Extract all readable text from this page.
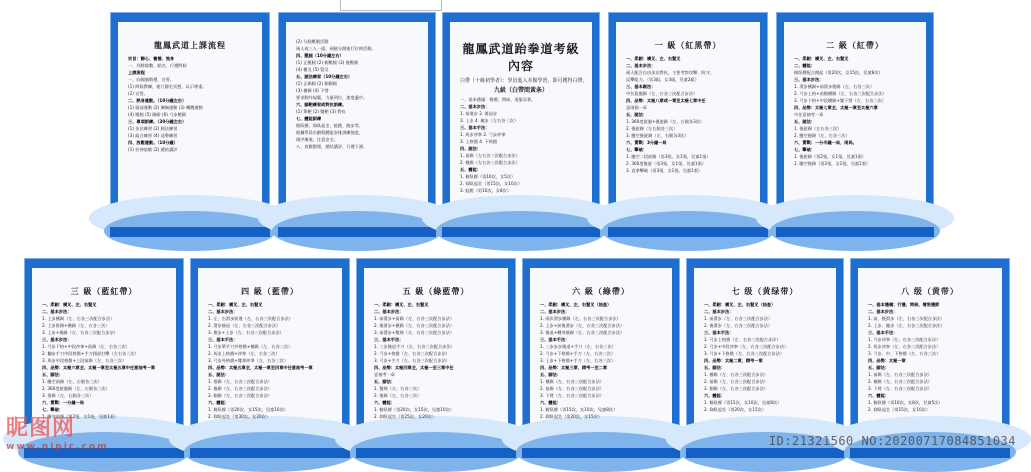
龍鳳武道上課流程
宗旨：靜心、養德、強身
一、列隊報數、點名、行禮問候
上課流程
一、向國旗敬禮、宣誓。
(1) 問候教練，進行靜坐冥想，以示尊重。
(2) 宣誓。
二、熱身運動。（10分鐘左右）
(1) 頭部運動 (2) 擴胸運動 (3) 轉體運動
(4) 壓腿 (5) 踢腿 (6) 弓步壓腿
三、專項訓練。（30分鐘左右）
(1) 步法練習 (2) 腿法練習
(3) 組合練習 (4) 品勢練習
四、放鬆運動。（10分鐘）
(1) 拉伸放鬆 (2) 總結講評
(2) 分腿壓腿活動
兩人或三人一組，兩腿分開進行拉伸活動。
四、壓腿（10分鐘左右）
(1) 正壓腿 (2) 側壓腿 (3) 後壓腿
(4) 橫叉 (5) 豎叉
五、腿法練習（10分鐘左右）
(1) 正踢腿 (2) 側踢腿
(3) 橫踢 (4) 下劈
要求動作規範，力量到位，速度適中。
六、腳靶練習或對抗訓練。
(1) 單靶 (2) 雙靶 (3) 對抗
七、體能訓練
俯臥撐、仰臥起坐、蛙跳、跑步等。
根據學員年齡與體能安排訓練強度，
循序漸進，注意安全。
八、放鬆整理，總結講評，行禮下課。
龍鳳武道跆拳道考級內容
白帶（十級初學者）：學員進入本館學習，即可獲得白帶。
九級（白帶間黃条）
一、基本禮儀：敬禮、問候、道服穿著。
二、基本步法：
1. 前進步 2. 後退步
3. 上步 4. 撤步（左右各三次）
三、基本手法：
1. 馬步沖拳 2. 弓步沖拳
3. 上格擋 4. 下格擋
四、腿法：
1. 前踢（左右各三次配合步法）
2. 橫踢（左右各三次配合步法）
五、體能：
1. 俯臥撐（男10次，女5次）
2. 仰臥起坐（男15次，女10次）
3. 蛙跳（男10次，女8次）
一 級（紅黑帶）
一、柔韌：橫叉、左、右豎叉
二、基本步法：
兩人配合自由步法對抗，主要考察攻擊、防守、
反擊能力。（男3組，女3組，兒童2組）
三、基本踢法：
中位旋風踢（左、右各三次配合步法）
四、品勢：太極八章或一章至太極七章中任
意兩個一章
五、腿法：
1. 360度旋風+後旋踢（左、右腿各3次）
2. 後旋踢（左右腿各三次）
3. 騰空後旋踢（左、右腿各3次）
六、實戰：3分鐘一局
七、擊破：
1. 騰空二段前踢（男3張，女1張，兒童1張）
2. 360度後旋（男3張，女1張，兒童1張）
3. 直拳擊破（男3張，女1張，兒童1張）
二 級（紅帶）
一、柔韌：橫叉、左、右豎叉
二、體能：
俯臥撐配合跳起（男20次，女15次，兒童8次）
三、基本步法：
1. 滑步橫踢+前滑步後踢（左、右各三次）
2. 弓步上格+前腿橫踢（左、右各三次配合步法）
3. 弓步下格+中段橫踢+雙下劈（左、右各三次）
四、品勢：太極七章全，太極一章至太極六章
中任意抽考一章
五、腿法：
1. 後旋踢（左右各三次）
2. 騰空後踢（左、右各三次）
六、實戰：一分半鐘一局，兩局。
七、擊破：
1. 後旋踢（男2張，女1張，兒童1張）
2. 騰空後踢（男2張，女1張，兒童1張）
三 級（藍紅帶）
一、柔韌：橫叉、左、右豎叉
二、基本步法：
1. 上步橫踢（左、右各三次配合步法）
2. 上步推踢+橫踢（左、右各三次）
3. 上步+後踢（左、右各三次配合步法）
三、基本步法：
1. 弓步下格+中段沖拳+前踢（左、右各三次）
2. 攔步手刀中段格擋+手刀頸部打擊（左右各三次）
3. 馬步中段格擋+上段前踢（左、右各三次）
四、品勢：太極六章全，太極一章至太極五章中任意抽考一章
五、腳法：
1. 騰空前踢（左、右腿各三次）
2. 360度旋風踢（左、右腿各三次）
3. 推踢（左、右腿各三次）
六、實戰：一分鐘一局
七、擊破：
1. 騰空前踢（男2張，女1張，兒童1張）
四 級（藍帶）
一、柔韌：橫叉、左、右豎叉
二、基本步法：
1. 左、右滑步前進（左、右各三次配合步法）
2. 滑步後退（左、右各三次配合步法）
3. 換步+上步（左、右各三次配合步法）
三、基本手法：
1. 弓步單手刀外格擋+橫踢（左、右各三次）
2. 馬步上格擋+沖拳（左、右各三次）
3. 弓步外格擋+雙拳沖拳（左、右各三次）
四、品勢：太極五章全，太極一章至四章中任意抽考一章
五、腿法：
1. 推踢（左、右各三次配合步法）
2. 後踢（左、右各三次配合步法）
3. 側踢（左、右各三次配合步法）
六、體能：
1. 俯臥撐（男20次，女15次，兒童10次）
2. 仰臥起坐（男30次，女20次）
五 級（綠藍帶）
一、柔韌：橫叉、左、右豎叉
二、基本步法：
1. 前滑步+前踢（左、右各三次配合步法）
2. 後滑步+橫踢（左、右各三次配合步法）
3. 前滑步+雙飛（左、右各三次配合步法）
三、基本手法：
1. 三步後退手刀（左、右各三次配合步法）
2. 弓步+格擋（左、右各三次配合步法）
3. 弓步+手刀（左、右各三次配合步法）
四、品勢：太極四章全，太極一至三章中任
意抽考一章
五、腳法：
1. 雙飛（左、右各三次）
2. 後踢（左、右各三次）
六、體能：
1. 俯臥撐（男20次，女15次，兒童10次）
2. 仰臥起坐（男25次，女20次）
六 級（綠帶）
一、柔韌：橫叉、左、右豎叉（抽查）
二、基本步法：
1. 兩次滑步橫踢（左、右各三次配合步法）
2. 上步+前後滑步（左、右各三次配合步法）
3. 後退+轉身後踢（左、右各三次配合步法）
三、基本手法：
1. 三步步步後退+手刀（左、右各三次）
2. 弓步+下格擋+手刀（左、右各三次）
3. 上步+下格擋+手刀（左、右各三次）
四、品勢：太極三章，精考一至二章
五、腳法：
1. 橫踢（左、右各三次配合步法）
2. 前踢（左、右各三次配合步法）
3. 下劈（左、右各三次配合步法）
六、體能：
1. 俯臥撐（男15次，女10次，兒童8次）
2. 仰臥起坐（男20次，女15次）
七 级（黄绿带）
一、柔韌：橫叉、左、右豎叉（抽查）
二、基本步法：
1. 前滑步（左、右各三次配合步法）
2. 後滑步（左、右各三次配合步法）
三、基本手法：
1. 弓步上格擋（左、右各三次配合步法）
2. 弓步+中段沖拳（左、右各三次配合步法）
3. 弓步+下格擋（左、右各三次配合步法）
四、品勢：太極二章，精考一章
五、腳法：
1. 橫踢（左、右各三次配合步法）
2. 前踢（左、右各三次配合步法）
3. 側踢（左、右各三次配合步法）
六、體能：
1. 俯臥撐（男15次，女10次，兒童8次）
2. 仰臥起坐（男20次，女15次）
八 级（黄带）
一、基本禮儀：行禮、問候、着裝禮節
二、基本步法：
1. 前、後滑步（左、右各三次配合步法）
2. 上步、撤步（左、右各三次配合步法）
三、基本手法：
1. 弓步沖拳（左、右各三次配合步法）
2. 馬步沖拳（左、右各三次配合步法）
3. 弓步、中、下格擋（左、右各三次）
四、品勢：太極一章
五、腳法：
1. 前踢（左、右各三次配合步法）
2. 橫踢（左、右各三次配合步法）
3. 下劈（左、右各三次配合步法）
六、體能：
1. 俯臥撐（男10次，女8次，兒童5次）
2. 仰臥起坐（男15次，女10次）
昵图网
www.nipic.com	ID:21321560 NO:20200717084851034
